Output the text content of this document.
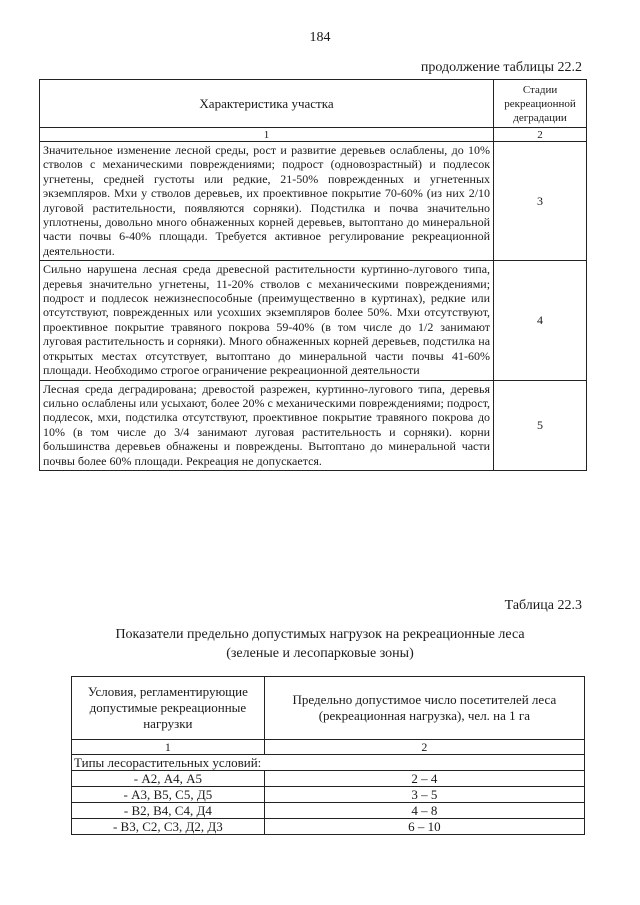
184
продолжение таблицы 22.2
Характеристика участка	Стадии рекреационной деградации
1	2
Значительное изменение лесной среды, рост и развитие деревьев ослаблены, до 10% стволов с механическими повреждениями; подрост (одновозрастный) и подлесок угнетены, средней густоты или редкие, 21-50% поврежденных и угнетенных экземпляров. Мхи у стволов деревьев, их проективное покрытие 70-60% (из них 2/10 луговой растительности, появляются сорняки). Подстилка и почва значительно уплотнены, довольно много обнаженных корней деревьев, вытоптано до минеральной части почвы 6-40% площади. Требуется активное регулирование рекреационной деятельности.	3
Сильно нарушена лесная среда древесной растительности куртинно-лугового типа, деревья значительно угнетены, 11-20% стволов с механическими повреждениями; подрост и подлесок нежизнеспособные (преимущественно в куртинах), редкие или отсутствуют, поврежденных или усохших экземпляров более 50%. Мхи отсутствуют, проективное покрытие травяного покрова 59-40% (в том числе до 1/2 занимают луговая растительность и сорняки). Много обнаженных корней деревьев, подстилка на открытых местах отсутствует, вытоптано до минеральной части почвы 41-60% площади. Необходимо строгое ограничение рекреационной деятельности	4
Лесная среда деградирована; древостой разрежен, куртинно-лугового типа, деревья сильно ослаблены или усыхают, более 20% с механическими повреждениями; подрост, подлесок, мхи, подстилка отсутствуют, проективное покрытие травяного покрова до 10% (в том числе до 3/4 занимают луговая растительность и сорняки). корни большинства деревьев обнажены и повреждены. Вытоптано до минеральной части почвы более 60% площади. Рекреация не допускается.	5
Таблица 22.3
Показатели предельно допустимых нагрузок на рекреационные леса
(зеленые и лесопарковые зоны)
Условия, регламентирующие допустимые рекреационные нагрузки	Предельно допустимое число посетителей леса (рекреационная нагрузка), чел. на 1 га
1	2
Типы лесорастительных условий:	
- А2, А4, А5	2 – 4
- А3, В5, С5, Д5	3 – 5
- В2, В4, С4, Д4	4 – 8
- В3, С2, С3, Д2, Д3	6 – 10
